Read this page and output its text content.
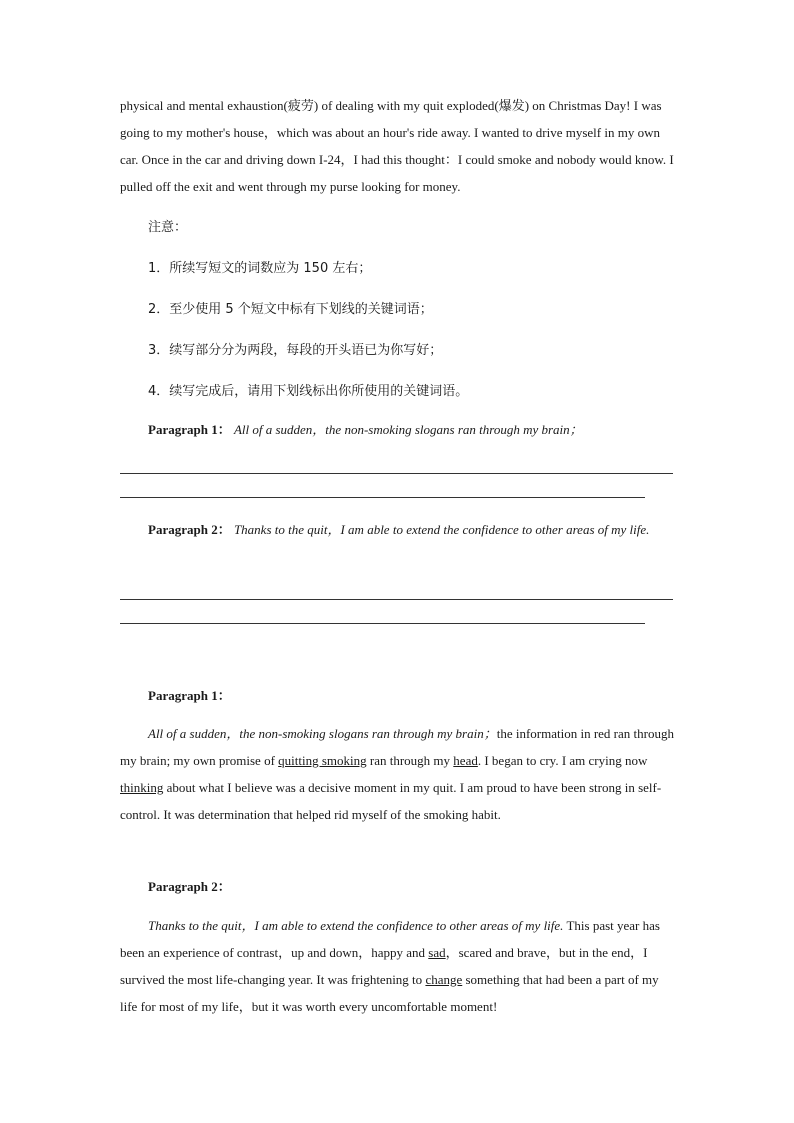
physical and mental exhaustion(疲劳) of dealing with my quit exploded(爆发) on Christmas Day! I was going to my mother's house，which was about an hour's ride away. I wanted to drive myself in my own car. Once in the car and driving down I-24，I had this thought：I could smoke and nobody would know. I pulled off the exit and went through my purse looking for money.

注意：

1．所续写短文的词数应为 150 左右；

2．至少使用 5 个短文中标有下划线的关键词语；

3．续写部分分为两段，每段的开头语已为你写好；

4．续写完成后，请用下划线标出你所使用的关键词语。

Paragraph 1： All of a sudden，the non-smoking slogans ran through my brain；

Paragraph 2： Thanks to the quit，I am able to extend the confidence to other areas of my life.

Paragraph 1：

All of a sudden，the non-smoking slogans ran through my brain；the information in red ran through my brain; my own promise of quitting smoking ran through my head. I began to cry. I am crying now thinking about what I believe was a decisive moment in my quit. I am proud to have been strong in self-control. It was determination that helped rid myself of the smoking habit.

Paragraph 2：

Thanks to the quit，I am able to extend the confidence to other areas of my life. This past year has been an experience of contrast，up and down，happy and sad，scared and brave，but in the end，I survived the most life-changing year. It was frightening to change something that had been a part of my life for most of my life，but it was worth every uncomfortable moment!
